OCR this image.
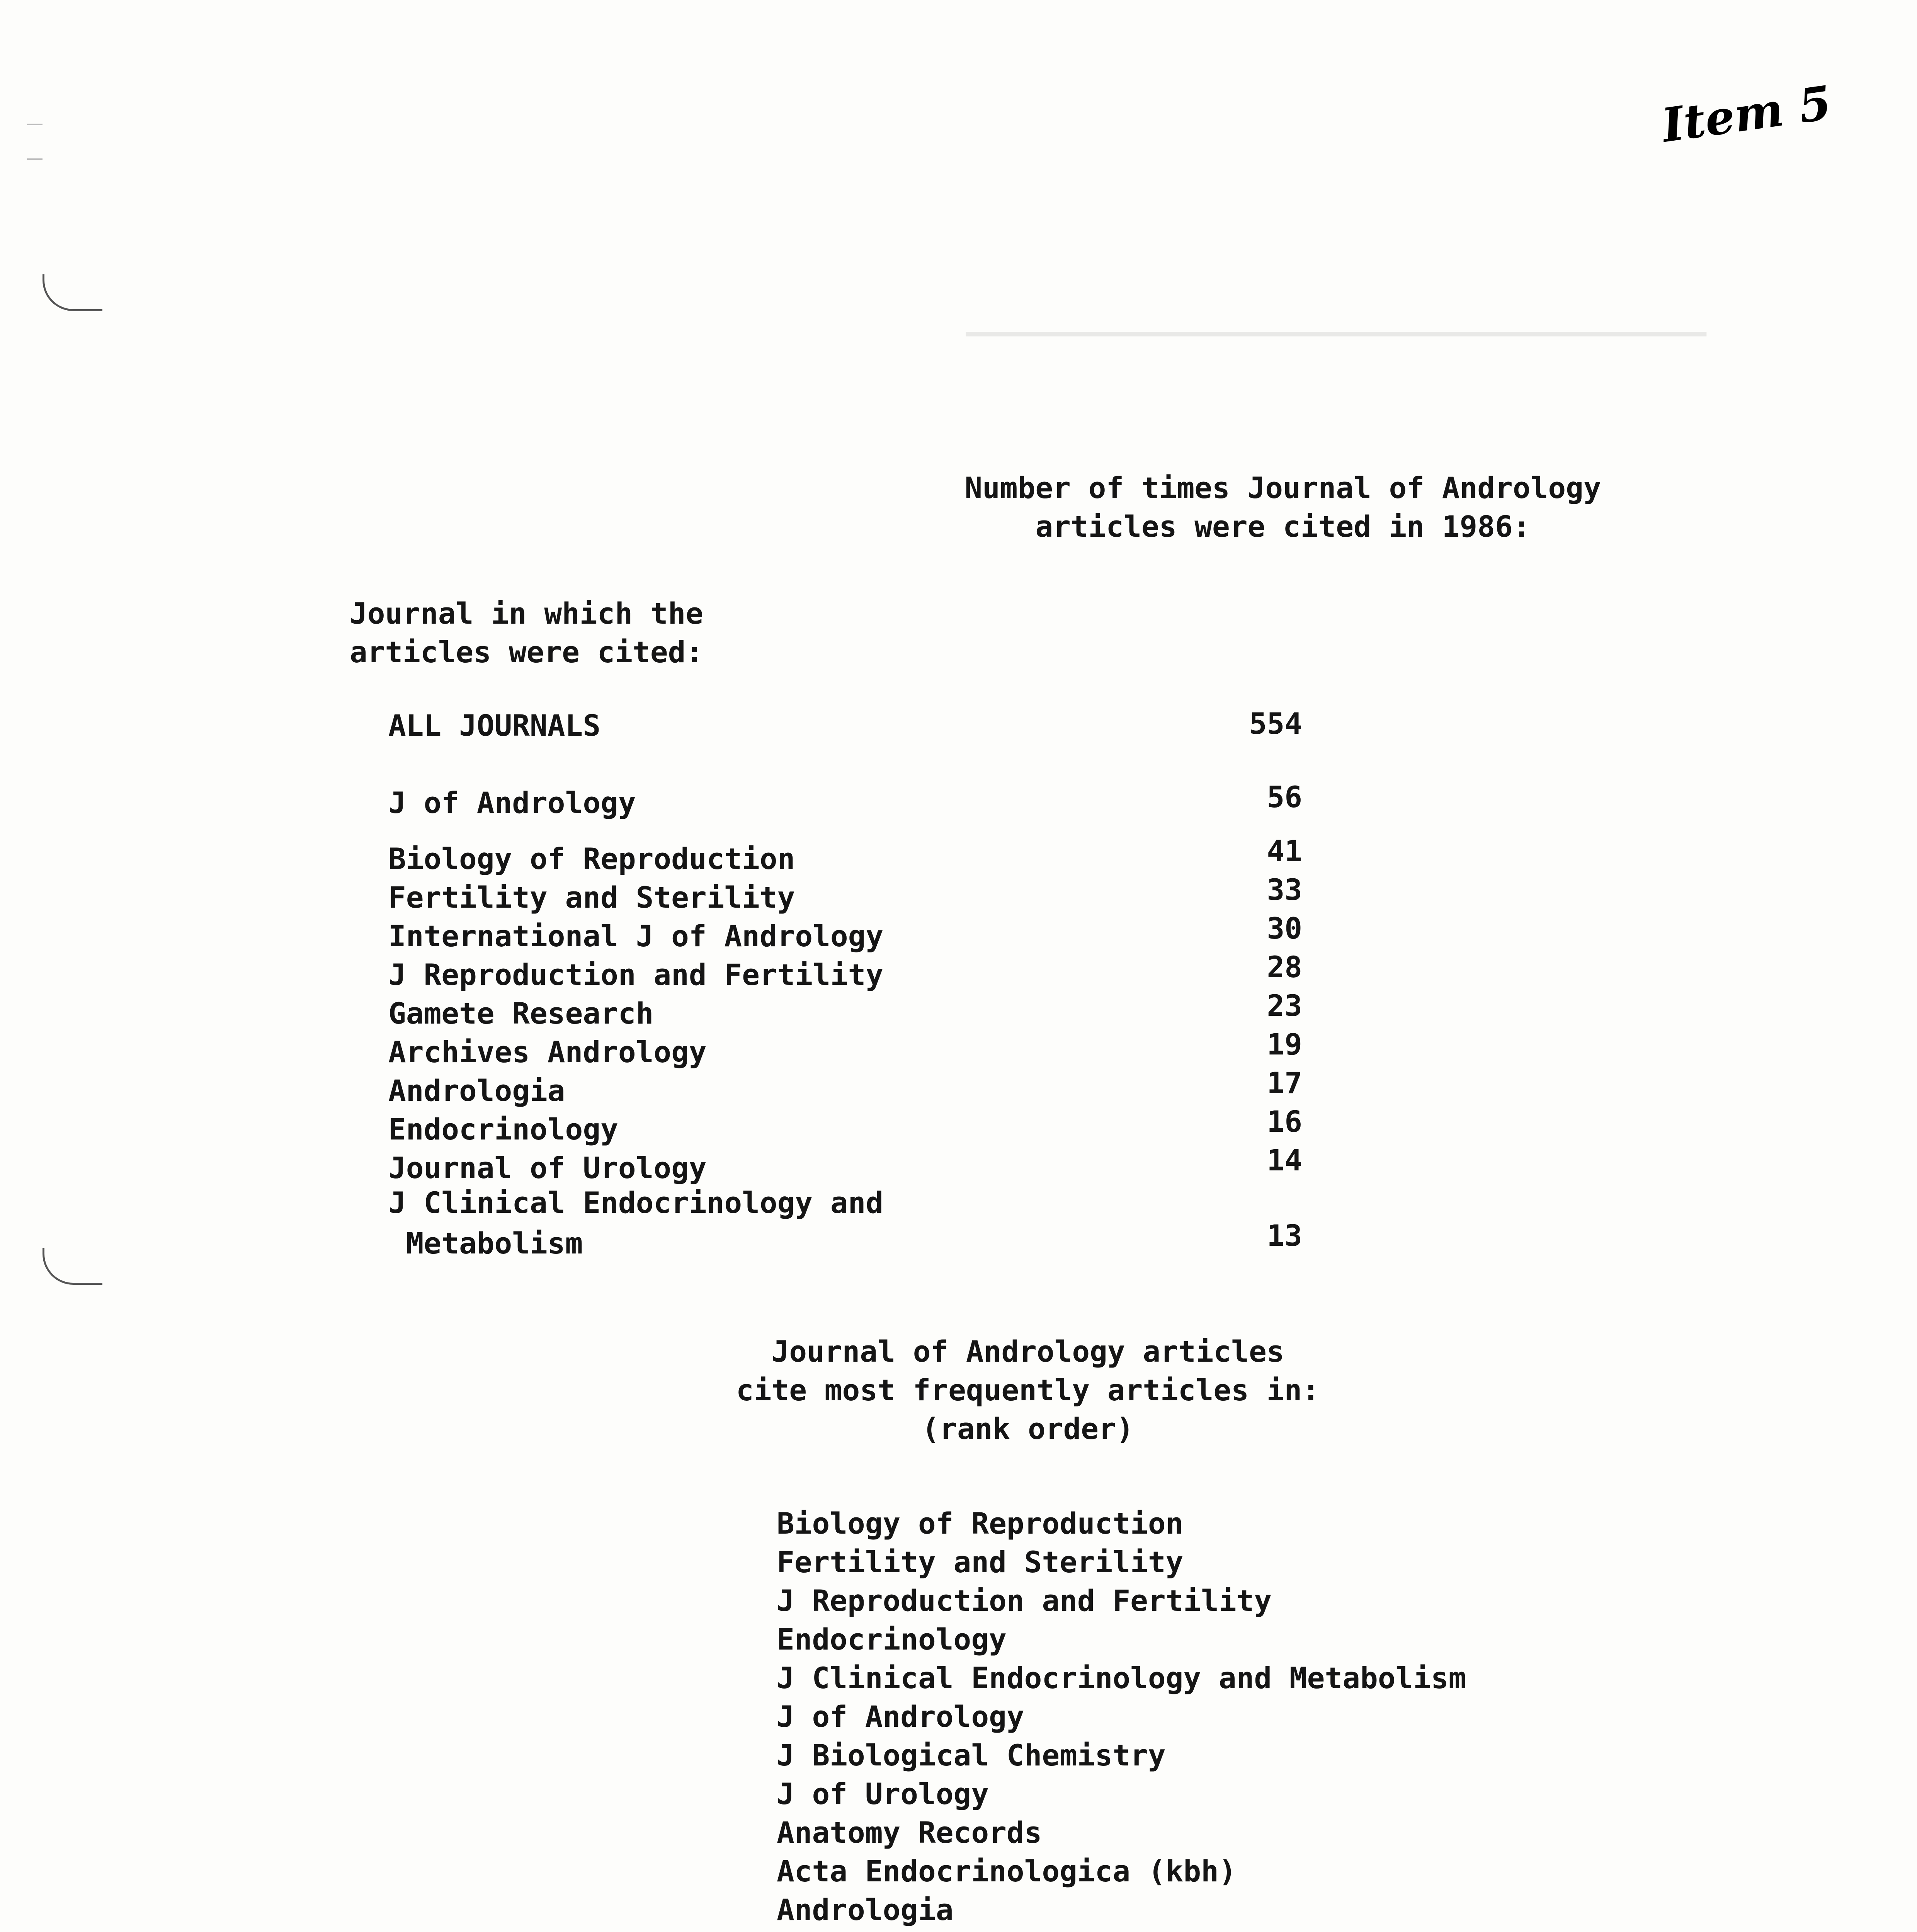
▁▁▁▁▁▁▁▁▁▁▁▁▁▁▁▁▁▁▁▁▁▁▁▁▁▁▁▁▁▁▁▁▁▁▁▁▁▁▁▁▁▁▁
Item 5
Number of times Journal of Andrology
articles were cited in 1986:
Journal in which the
articles were cited:
ALL JOURNALS	554
J of Andrology	56
Biology of Reproduction	41
Fertility and Sterility	33
International J of Andrology	30
J Reproduction and Fertility	28
Gamete Research	23
Archives Andrology	19
Andrologia	17
Endocrinology	16
Journal of Urology	14
J Clinical Endocrinology and
Metabolism	13
Journal of Andrology articles
cite most frequently articles in:
(rank order)
Biology of Reproduction
Fertility and Sterility
J Reproduction and Fertility
Endocrinology
J Clinical Endocrinology and Metabolism
J of Andrology
J Biological Chemistry
J of Urology
Anatomy Records
Acta Endocrinologica (kbh)
Andrologia
